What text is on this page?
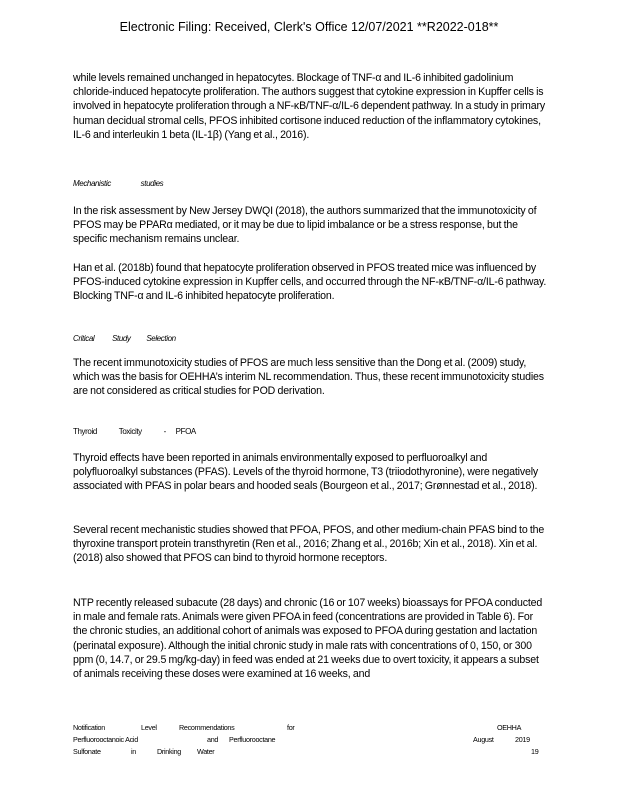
Electronic Filing: Received, Clerk's Office 12/07/2021 **R2022-018**

while levels remained unchanged in hepatocytes. Blockage of TNF-α and IL-6 inhibited gadolinium chloride-induced hepatocyte proliferation. The authors suggest that cytokine expression in Kupffer cells is involved in hepatocyte proliferation through a NF-κB/TNF-α/IL-6 dependent pathway. In a study in primary human decidual stromal cells, PFOS inhibited cortisone induced reduction of the inflammatory cytokines, IL-6 and interleukin 1 beta (IL-1β) (Yang et al., 2016).

Mechanistic	studies

In the risk assessment by New Jersey DWQI (2018), the authors summarized that the immunotoxicity of PFOS may be PPARα mediated, or it may be due to lipid imbalance or be a stress response, but the specific mechanism remains unclear.

Han et al. (2018b) found that hepatocyte proliferation observed in PFOS treated mice was influenced by PFOS-induced cytokine expression in Kupffer cells, and occurred through the NF-κB/TNF-α/IL-6 pathway. Blocking TNF-α and IL-6 inhibited hepatocyte proliferation.

Critical Study Selection

The recent immunotoxicity studies of PFOS are much less sensitive than the Dong et al. (2009) study, which was the basis for OEHHA’s interim NL recommendation. Thus, these recent immunotoxicity studies are not considered as critical studies for POD derivation.

Thyroid	Toxicity	- PFOA

Thyroid effects have been reported in animals environmentally exposed to perfluoroalkyl and polyfluoroalkyl substances (PFAS). Levels of the thyroid hormone, T3 (triiodothyronine), were negatively associated with PFAS in polar bears and hooded seals (Bourgeon et al., 2017; Grønnestad et al., 2018).

Several recent mechanistic studies showed that PFOA, PFOS, and other medium-chain PFAS bind to the thyroxine transport protein transthyretin (Ren et al., 2016; Zhang et al., 2016b; Xin et al., 2018). Xin et al. (2018) also showed that PFOS can bind to thyroid hormone receptors.

NTP recently released subacute (28 days) and chronic (16 or 107 weeks) bioassays for PFOA conducted in male and female rats. Animals were given PFOA in feed (concentrations are provided in Table 6). For the chronic studies, an additional cohort of animals was exposed to PFOA during gestation and lactation (perinatal exposure). Although the initial chronic study in male rats with concentrations of 0, 150, or 300 ppm (0, 14.7, or 29.5 mg/kg-day) in feed was ended at 21 weeks due to overt toxicity, it appears a subset of animals receiving these doses were examined at 16 weeks, and

Notification	Level	Recommendations	for	OEHHA
Perfluorooctanoic Acid	and Perfluorooctane	August	2019
Sulfonate	in	Drinking Water	19
